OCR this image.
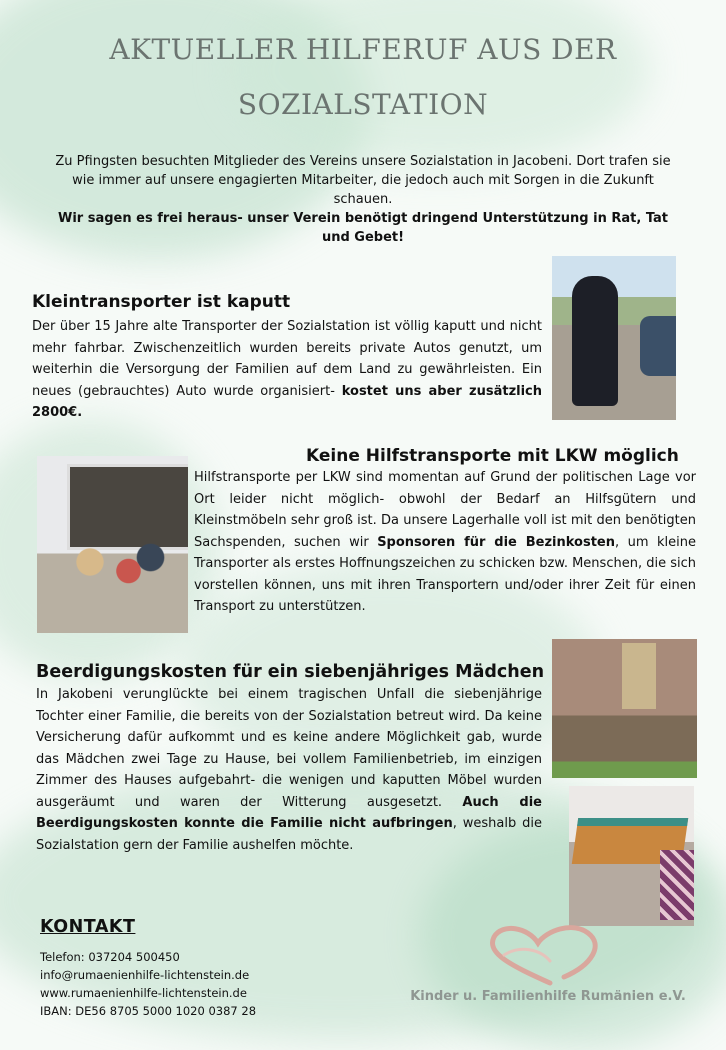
AKTUELLER HILFERUF AUS DER
SOZIALSTATION
Zu Pfingsten besuchten Mitglieder des Vereins unsere Sozialstation in Jacobeni. Dort trafen sie wie immer auf unsere engagierten Mitarbeiter, die jedoch auch mit Sorgen in die Zukunft schauen.
Wir sagen es frei heraus- unser Verein benötigt dringend Unterstützung in Rat, Tat und Gebet!
Kleintransporter ist kaputt

Der über 15 Jahre alte Transporter der Sozialstation ist völlig kaputt und nicht mehr fahrbar. Zwischenzeitlich wurden bereits private Autos genutzt, um weiterhin die Versorgung der Familien auf dem Land zu gewährleisten. Ein neues (gebrauchtes) Auto wurde organisiert- kostet uns aber zusätzlich 2800€.

Keine Hilfstransporte mit LKW möglich

Hilfstransporte per LKW sind momentan auf Grund der politischen Lage vor Ort leider nicht möglich- obwohl der Bedarf an Hilfsgütern und Kleinstmöbeln sehr groß ist. Da unsere Lagerhalle voll ist mit den benötigten Sachspenden, suchen wir Sponsoren für die Bezinkosten, um kleine Transporter als erstes Hoffnungszeichen zu schicken bzw. Menschen, die sich vorstellen können, uns mit ihren Transportern und/oder ihrer Zeit für einen Transport zu unterstützen.

Beerdigungskosten für ein siebenjähriges Mädchen

In Jakobeni verunglückte bei einem tragischen Unfall die siebenjährige Tochter einer Familie, die bereits von der Sozialstation betreut wird. Da keine Versicherung dafür aufkommt und es keine andere Möglichkeit gab, wurde das Mädchen zwei Tage zu Hause, bei vollem Familienbetrieb, im einzigen Zimmer des Hauses aufgebahrt- die wenigen und kaputten Möbel wurden ausgeräumt und waren der Witterung ausgesetzt. Auch die Beerdigungskosten konnte die Familie nicht aufbringen, weshalb die Sozialstation gern der Familie aushelfen möchte.

KONTAKT
Telefon: 037204 500450
info@rumaenienhilfe-lichtenstein.de
www.rumaenienhilfe-lichtenstein.de
IBAN: DE56 8705 5000 1020 0387 28
Kinder u. Familienhilfe Rumänien e.V.
